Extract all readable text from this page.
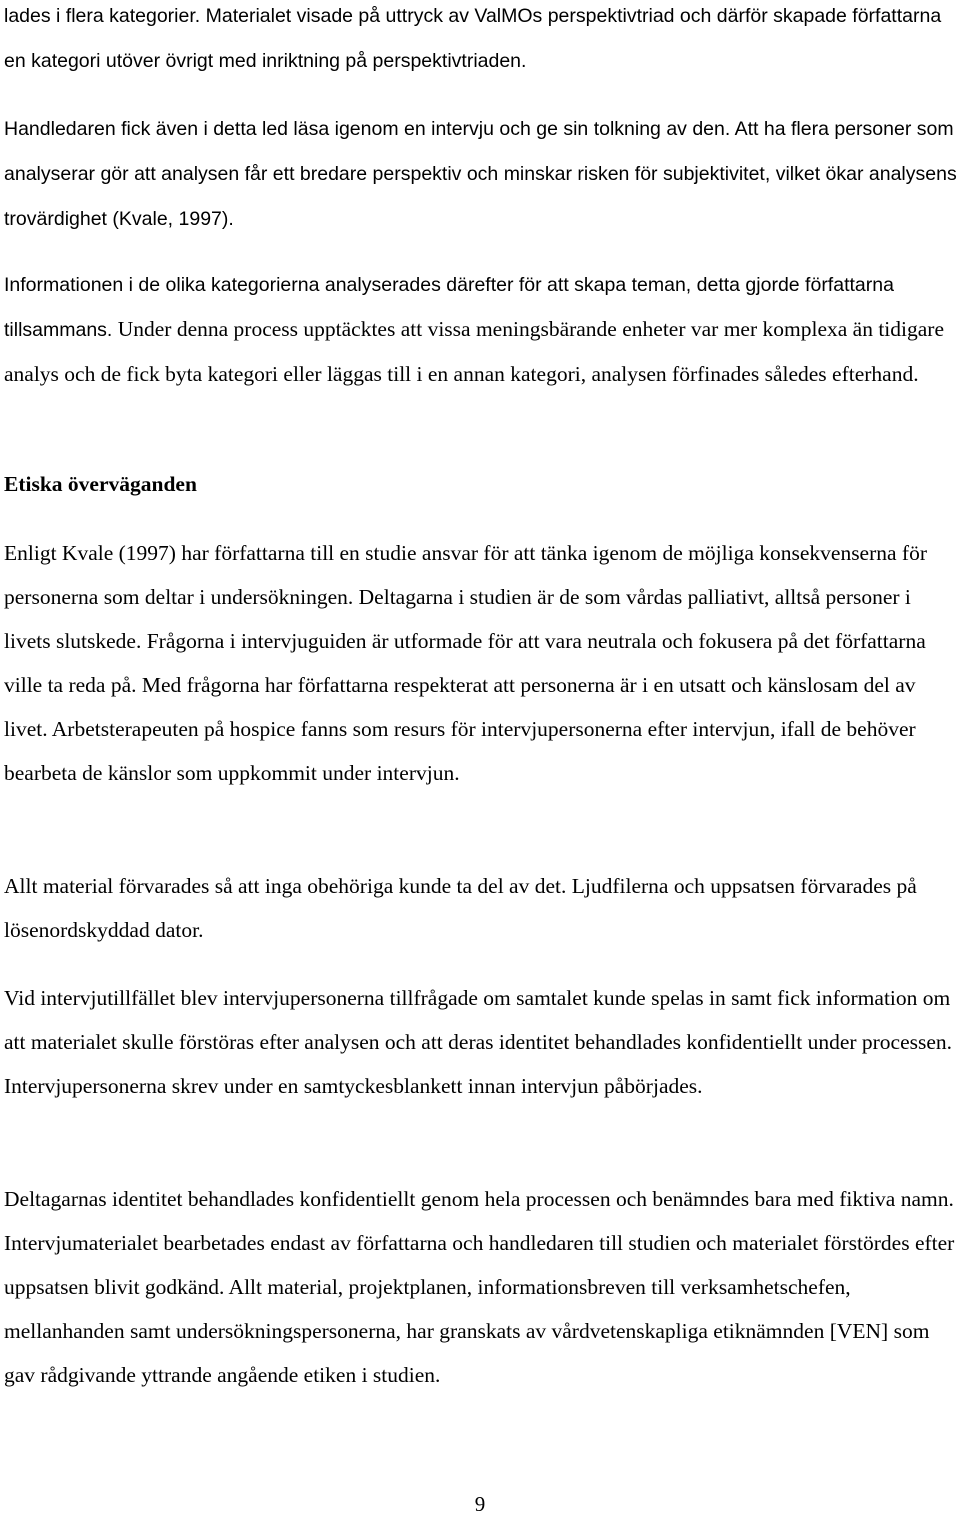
lades i flera kategorier. Materialet visade på uttryck av ValMOs perspektivtriad och därför skapade författarna en kategori utöver övrigt med inriktning på perspektivtriaden.

Handledaren fick även i detta led läsa igenom en intervju och ge sin tolkning av den. Att ha flera personer som analyserar gör att analysen får ett bredare perspektiv och minskar risken för subjektivitet, vilket ökar analysens trovärdighet (Kvale, 1997).

Informationen i de olika kategorierna analyserades därefter för att skapa teman, detta gjorde författarna tillsammans. Under denna process upptäcktes att vissa meningsbärande enheter var mer komplexa än tidigare analys och de fick byta kategori eller läggas till i en annan kategori, analysen förfinades således efterhand.

Etiska överväganden

Enligt Kvale (1997) har författarna till en studie ansvar för att tänka igenom de möjliga konsekvenserna för personerna som deltar i undersökningen. Deltagarna i studien är de som vårdas palliativt, alltså personer i livets slutskede. Frågorna i intervjuguiden är utformade för att vara neutrala och fokusera på det författarna ville ta reda på. Med frågorna har författarna respekterat att personerna är i en utsatt och känslosam del av livet. Arbetsterapeuten på hospice fanns som resurs för intervjupersonerna efter intervjun, ifall de behöver bearbeta de känslor som uppkommit under intervjun.

Allt material förvarades så att inga obehöriga kunde ta del av det. Ljudfilerna och uppsatsen förvarades på lösenordskyddad dator.

Vid intervjutillfället blev intervjupersonerna tillfrågade om samtalet kunde spelas in samt fick information om att materialet skulle förstöras efter analysen och att deras identitet behandlades konfidentiellt under processen. Intervjupersonerna skrev under en samtyckesblankett innan intervjun påbörjades.

Deltagarnas identitet behandlades konfidentiellt genom hela processen och benämndes bara med fiktiva namn. Intervjumaterialet bearbetades endast av författarna och handledaren till studien och materialet förstördes efter uppsatsen blivit godkänd. Allt material, projektplanen, informationsbreven till verksamhetschefen, mellanhanden samt undersökningspersonerna, har granskats av vårdvetenskapliga etiknämnden [VEN] som gav rådgivande yttrande angående etiken i studien.

9
